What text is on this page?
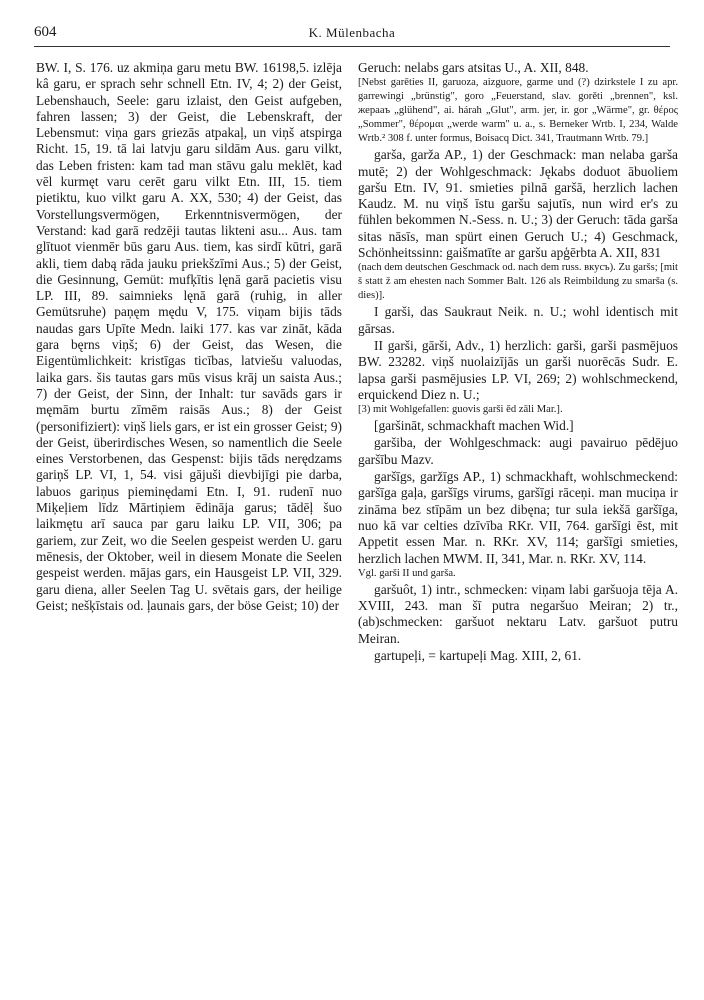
604	K. Mülenbacha

BW. I, S. 176. uz akmiņa garu metu BW. 16198,5. izlēja kâ garu, er sprach sehr schnell Etn. IV, 4; 2) der Geist, Lebenshauch, Seele: garu izlaist, den Geist aufgeben, fahren lassen; 3) der Geist, die Lebenskraft, der Lebensmut: viņa gars griezās atpakaļ, un viņš atspirga Richt. 15, 19. tā lai latvju garu sildām Aus. garu vilkt, das Leben fristen: kam tad man stāvu galu meklēt, kad vēl kurmęt varu cerēt garu vilkt Etn. III, 15. tiem pietiktu, kuo vilkt garu A. XX, 530; 4) der Geist, das Vorstellungsvermögen, Erkenntnisvermögen, der Verstand: kad garā redzēji tautas likteni asu... Aus. tam glītuot vienmēr būs garu Aus. tiem, kas sirdī kūtri, garā akli, tiem dabą rāda jauku priekšzīmi Aus.; 5) der Geist, die Gesinnung, Gemüt: mufķītis lęnā garā pacietis visu LP. III, 89. saimnieks lęnā garā (ruhig, in aller Gemütsruhe) paņęm mędu V, 175. viņam bijis tāds naudas gars Upīte Medn. laiki 177. kas var zināt, kāda gara bęrns viņš; 6) der Geist, das Wesen, die Eigentümlichkeit: kristīgas ticības, latviešu valuodas, laika gars. šis tautas gars mūs visus krāj un saista Aus.; 7) der Geist, der Sinn, der Inhalt: tur savāds gars ir męmām burtu zīmēm raisās Aus.; 8) der Geist (personifiziert): viņš liels gars, er ist ein grosser Geist; 9) der Geist, überirdisches Wesen, so namentlich die Seele eines Verstorbenen, das Gespenst: bijis tāds nerędzams gariņš LP. VI, 1, 54. visi gājuši dievbijīgi pie darba, labuos gariņus pieminędami Etn. I, 91. rudenī nuo Miķeļiem līdz Mārtiņiem ēdināja garus; tādēļ šuo laikmętu arī sauca par garu laiku LP. VII, 306; pa gariem, zur Zeit, wo die Seelen gespeist werden U. garu mēnesis, der Oktober, weil in diesem Monate die Seelen gespeist werden. mājas gars, ein Hausgeist LP. VII, 329. garu diena, aller Seelen Tag U. svētais gars, der heilige Geist; nešķīstais od. ļaunais gars, der böse Geist; 10) der

Geruch: nelabs gars atsitas U., A. XII, 848.

[Nebst garēties II, garuoza, aizguore, garme und (?) dzirkstele I zu apr. garrewingi „brünstig", goro „Feuerstand, slav. gorěti „brennen", ksl. жерааъ „glühend", ai. hárah „Glut", arm. jer, ir. gor „Wärme", gr. θέρος „Sommer", θέρομαι „werde warm" u. a., s. Berneker Wrtb. I, 234, Walde Wrtb.² 308 f. unter formus, Boisacq Dict. 341, Trautmann Wrtb. 79.]

garša, garža AP., 1) der Geschmack: man nelaba garša mutē; 2) der Wohlgeschmack: Jękabs doduot ābuoliem garšu Etn. IV, 91. smieties pilnā garšā, herzlich lachen Kaudz. M. nu viņš īstu garšu sajutīs, nun wird er's zu fühlen bekommen N.-Sess. n. U.; 3) der Geruch: tāda garša sitas nāsīs, man spürt einen Geruch U.; 4) Geschmack, Schönheitssinn: gaišmatīte ar garšu apģērbta A. XII, 831

(nach dem deutschen Geschmack od. nach dem russ. вкусъ). Zu garšs; [mit š statt ž am ehesten nach Sommer Balt. 126 als Reimbildung zu smarša (s. dies)].

I garši, das Saukraut Neik. n. U.; wohl identisch mit gārsas.

II garši, gārši, Adv., 1) herzlich: garši, garši pasmējuos BW. 23282. viņš nuolaizījās un garši nuorēcās Sudr. E. lapsa garši pasmējusies LP. VI, 269; 2) wohlschmeckend, erquickend Diez n. U.;

[3) mit Wohlgefallen: guovis garši ēd zāli Mar.].

[garšināt, schmackhaft machen Wid.]

garšiba, der Wohlgeschmack: augi pavairuo pēdējuo garšību Mazv.

garšīgs, garžīgs AP., 1) schmackhaft, wohlschmeckend: garšīga gaļa, garšīgs virums, garšīgi rāceņi. man muciņa ir zināma bez stīpām un bez dibęna; tur sula iekšā garšīga, nuo kā var celties dzīvība RKr. VII, 764. garšīgi ēst, mit Appetit essen Mar. n. RKr. XV, 114; garšīgi smieties, herzlich lachen MWM. II, 341, Mar. n. RKr. XV, 114.

Vgl. garši II und garša.

garšuôt, 1) intr., schmecken: viņam labi garšuoja tēja A. XVIII, 243. man šī putra negaršuo Meiran; 2) tr., (ab)schmecken: garšuot nektaru Latv. garšuot putru Meiran.

gartupeļi, = kartupeļi Mag. XIII, 2, 61.
